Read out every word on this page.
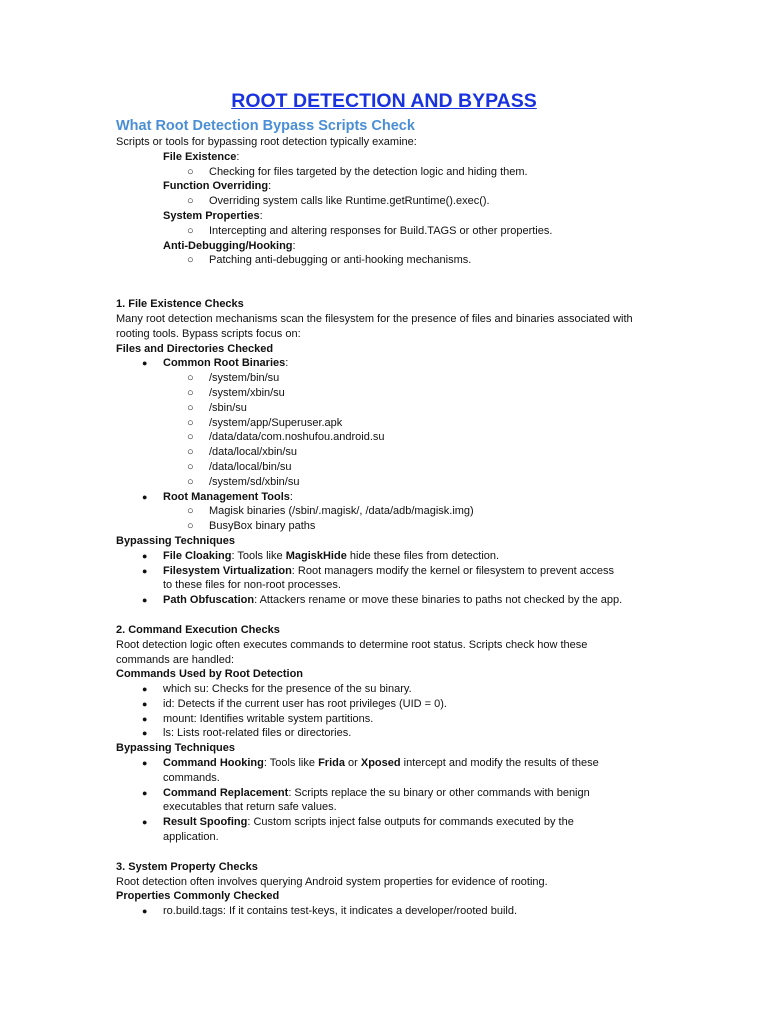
ROOT DETECTION AND BYPASS
What Root Detection Bypass Scripts Check

Scripts or tools for bypassing root detection typically examine:

File Existence:
○ Checking for files targeted by the detection logic and hiding them.
Function Overriding:
○ Overriding system calls like Runtime.getRuntime().exec().
System Properties:
○ Intercepting and altering responses for Build.TAGS or other properties.
Anti-Debugging/Hooking:
○ Patching anti-debugging or anti-hooking mechanisms.
1. File Existence Checks

Many root detection mechanisms scan the filesystem for the presence of files and binaries associated with rooting tools. Bypass scripts focus on:

Files and Directories Checked
● Common Root Binaries:
○ /system/bin/su
○ /system/xbin/su
○ /sbin/su
○ /system/app/Superuser.apk
○ /data/data/com.noshufou.android.su
○ /data/local/xbin/su
○ /data/local/bin/su
○ /system/sd/xbin/su
● Root Management Tools:
○ Magisk binaries (/sbin/.magisk/, /data/adb/magisk.img)
○ BusyBox binary paths
Bypassing Techniques
● File Cloaking: Tools like MagiskHide hide these files from detection.
● Filesystem Virtualization: Root managers modify the kernel or filesystem to prevent access
to these files for non-root processes.
● Path Obfuscation: Attackers rename or move these binaries to paths not checked by the app.
2. Command Execution Checks
Root detection logic often executes commands to determine root status. Scripts check how these
commands are handled:
Commands Used by Root Detection
● which su: Checks for the presence of the su binary.
● id: Detects if the current user has root privileges (UID = 0).
● mount: Identifies writable system partitions.
● ls: Lists root-related files or directories.
Bypassing Techniques
● Command Hooking: Tools like Frida or Xposed intercept and modify the results of these
commands.
● Command Replacement: Scripts replace the su binary or other commands with benign
executables that return safe values.
● Result Spoofing: Custom scripts inject false outputs for commands executed by the
application.
3. System Property Checks
Root detection often involves querying Android system properties for evidence of rooting.
Properties Commonly Checked
● ro.build.tags: If it contains test-keys, it indicates a developer/rooted build.
